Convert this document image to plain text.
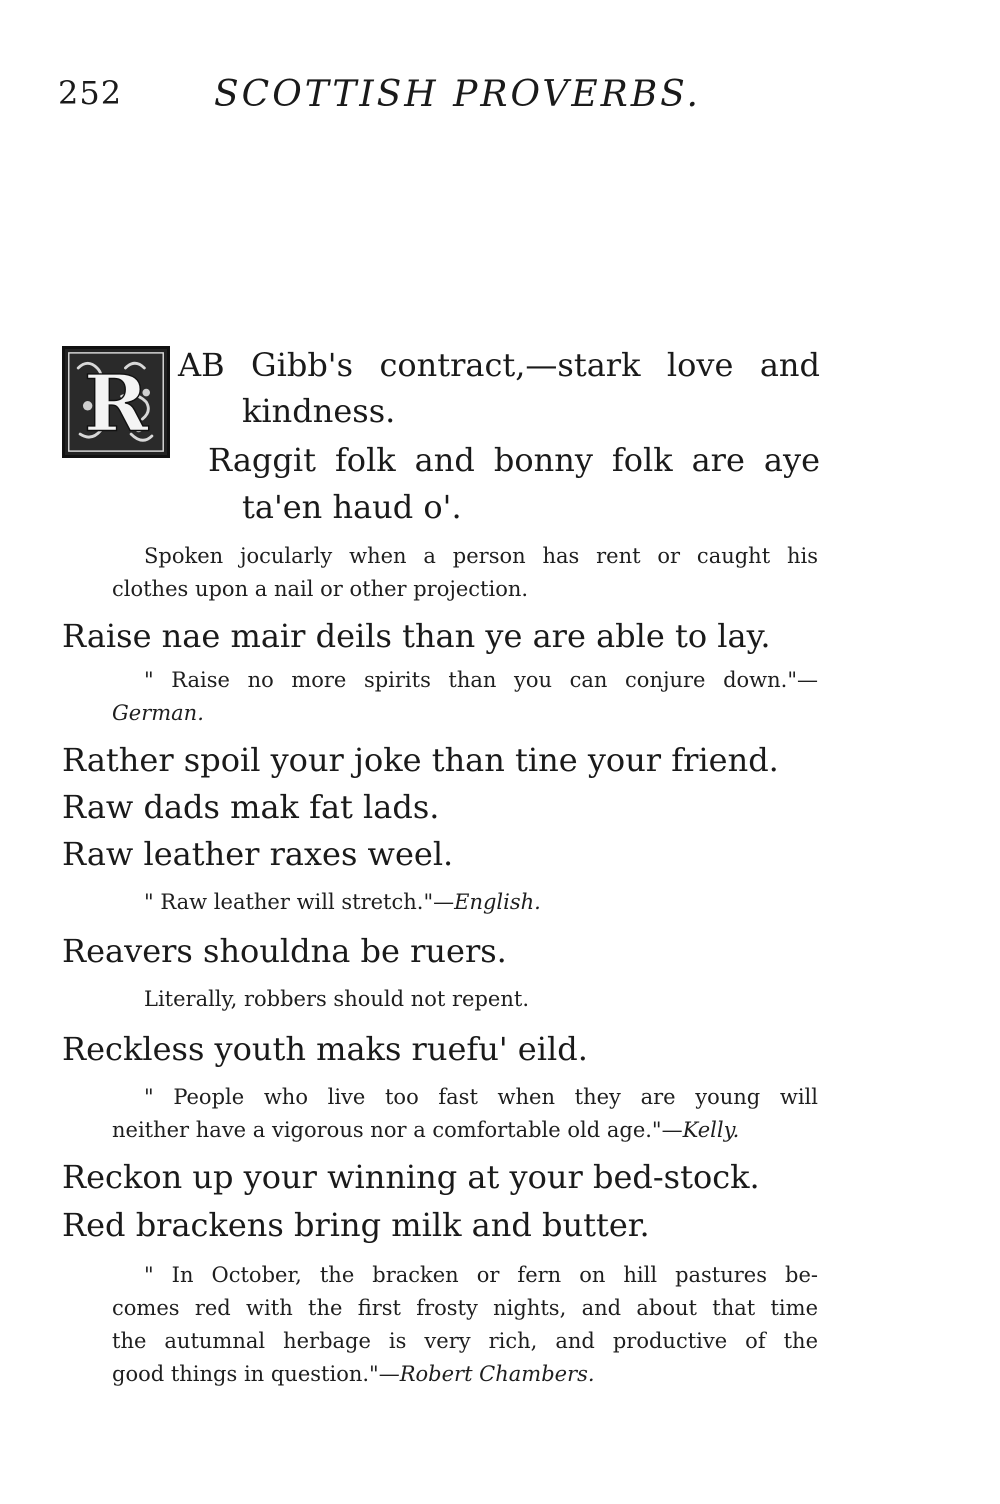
252	SCOTTISH PROVERBS.
R AB Gibb's contract,—stark love and
kindness.
Raggit folk and bonny folk are aye
ta'en haud o'.
Spoken jocularly when a person has rent or caught his
clothes upon a nail or other projection.
Raise nae mair deils than ye are able to lay.
" Raise no more spirits than you can conjure down."—
German.
Rather spoil your joke than tine your friend.
Raw dads mak fat lads.
Raw leather raxes weel.
" Raw leather will stretch."—English.
Reavers shouldna be ruers.
Literally, robbers should not repent.
Reckless youth maks ruefu' eild.
" People who live too fast when they are young will
neither have a vigorous nor a comfortable old age."—Kelly.
Reckon up your winning at your bed-stock.
Red brackens bring milk and butter.
" In October, the bracken or fern on hill pastures be-
comes red with the first frosty nights, and about that time
the autumnal herbage is very rich, and productive of the
good things in question."—Robert Chambers.
